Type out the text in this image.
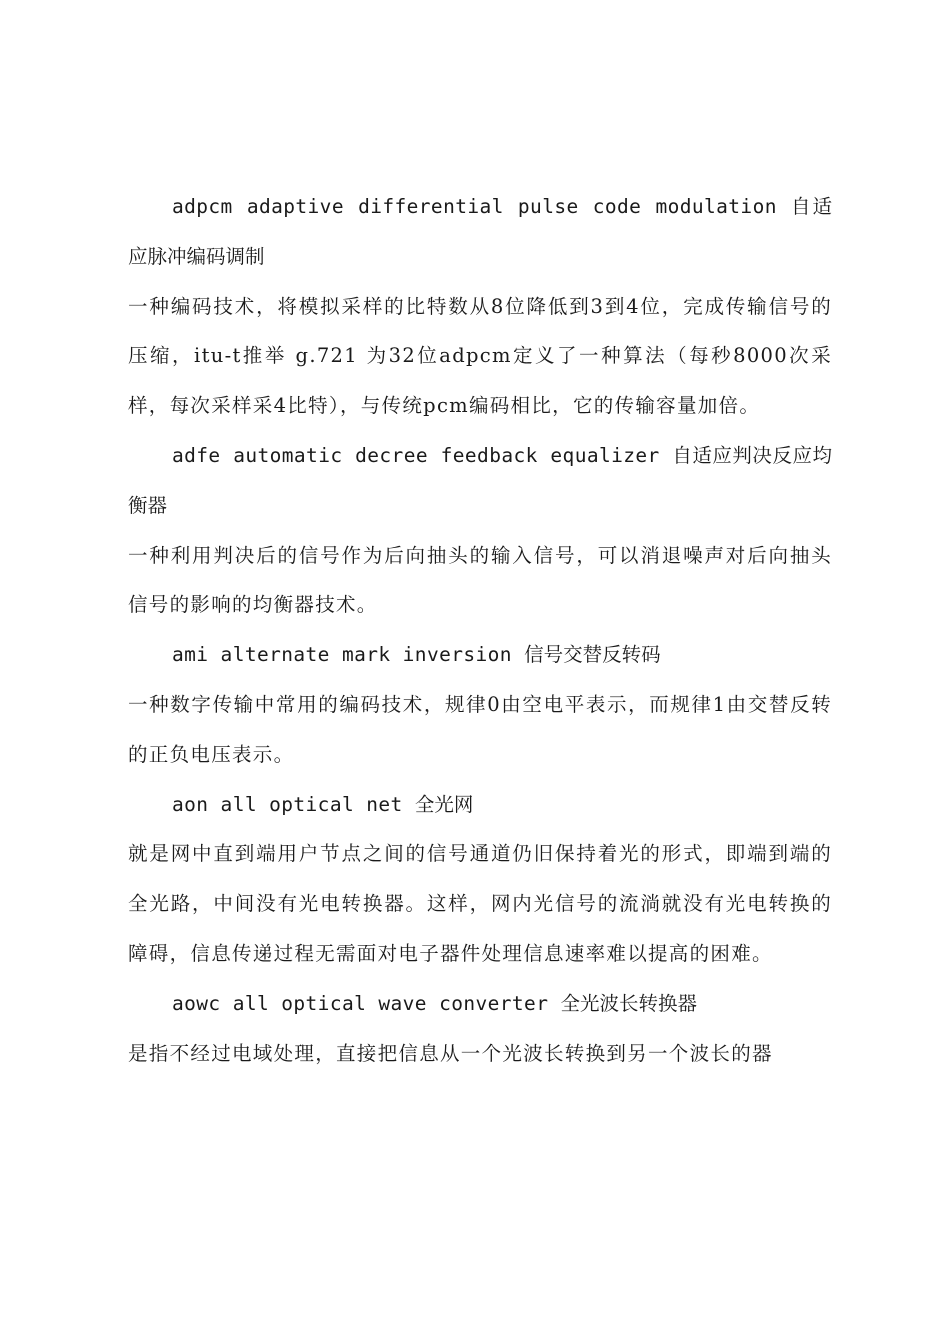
adpcm adaptive differential pulse code modulation 自适应脉冲编码调制

一种编码技术，将模拟采样的比特数从8位降低到3到4位，完成传输信号的压缩，itu-t推举 g.721 为32位adpcm定义了一种算法（每秒8000次采样，每次采样采4比特），与传统pcm编码相比，它的传输容量加倍。

adfe automatic decree feedback equalizer 自适应判决反应均衡器

一种利用判决后的信号作为后向抽头的输入信号，可以消退噪声对后向抽头信号的影响的均衡器技术。

ami alternate mark inversion 信号交替反转码

一种数字传输中常用的编码技术，规律0由空电平表示，而规律1由交替反转的正负电压表示。

aon all optical net 全光网

就是网中直到端用户节点之间的信号通道仍旧保持着光的形式，即端到端的全光路，中间没有光电转换器。这样，网内光信号的流淌就没有光电转换的障碍，信息传递过程无需面对电子器件处理信息速率难以提高的困难。

aowc all optical wave converter 全光波长转换器

是指不经过电域处理，直接把信息从一个光波长转换到另一个波长的器
